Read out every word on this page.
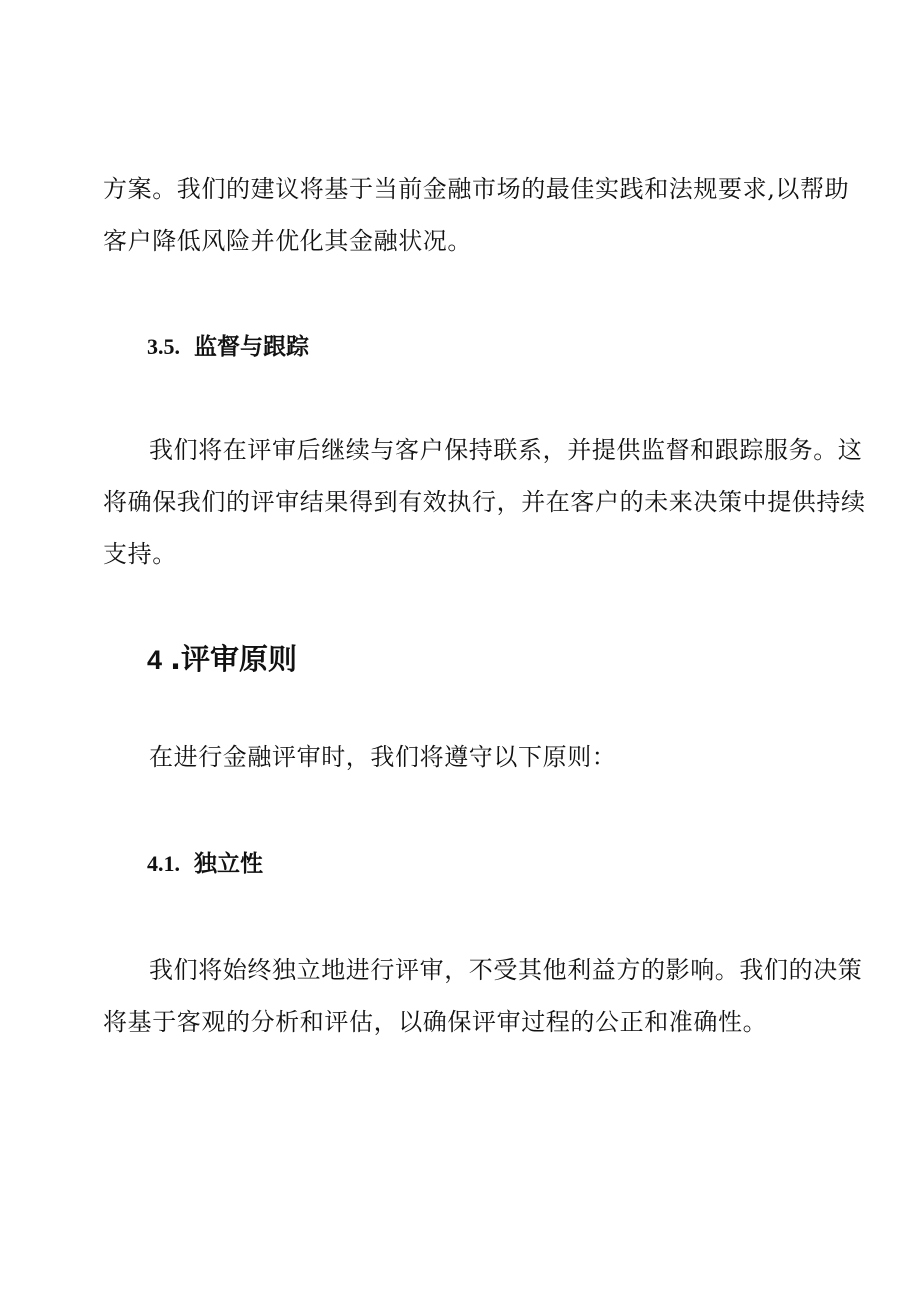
方案。我们的建议将基于当前金融市场的最佳实践和法规要求,以帮助
客户降低风险并优化其金融状况。

3.5. 监督与跟踪

我们将在评审后继续与客户保持联系，并提供监督和跟踪服务。这
将确保我们的评审结果得到有效执行，并在客户的未来决策中提供持续
支持。

4 .评审原则

在进行金融评审时，我们将遵守以下原则：

4.1. 独立性

我们将始终独立地进行评审，不受其他利益方的影响。我们的决策
将基于客观的分析和评估，以确保评审过程的公正和准确性。
